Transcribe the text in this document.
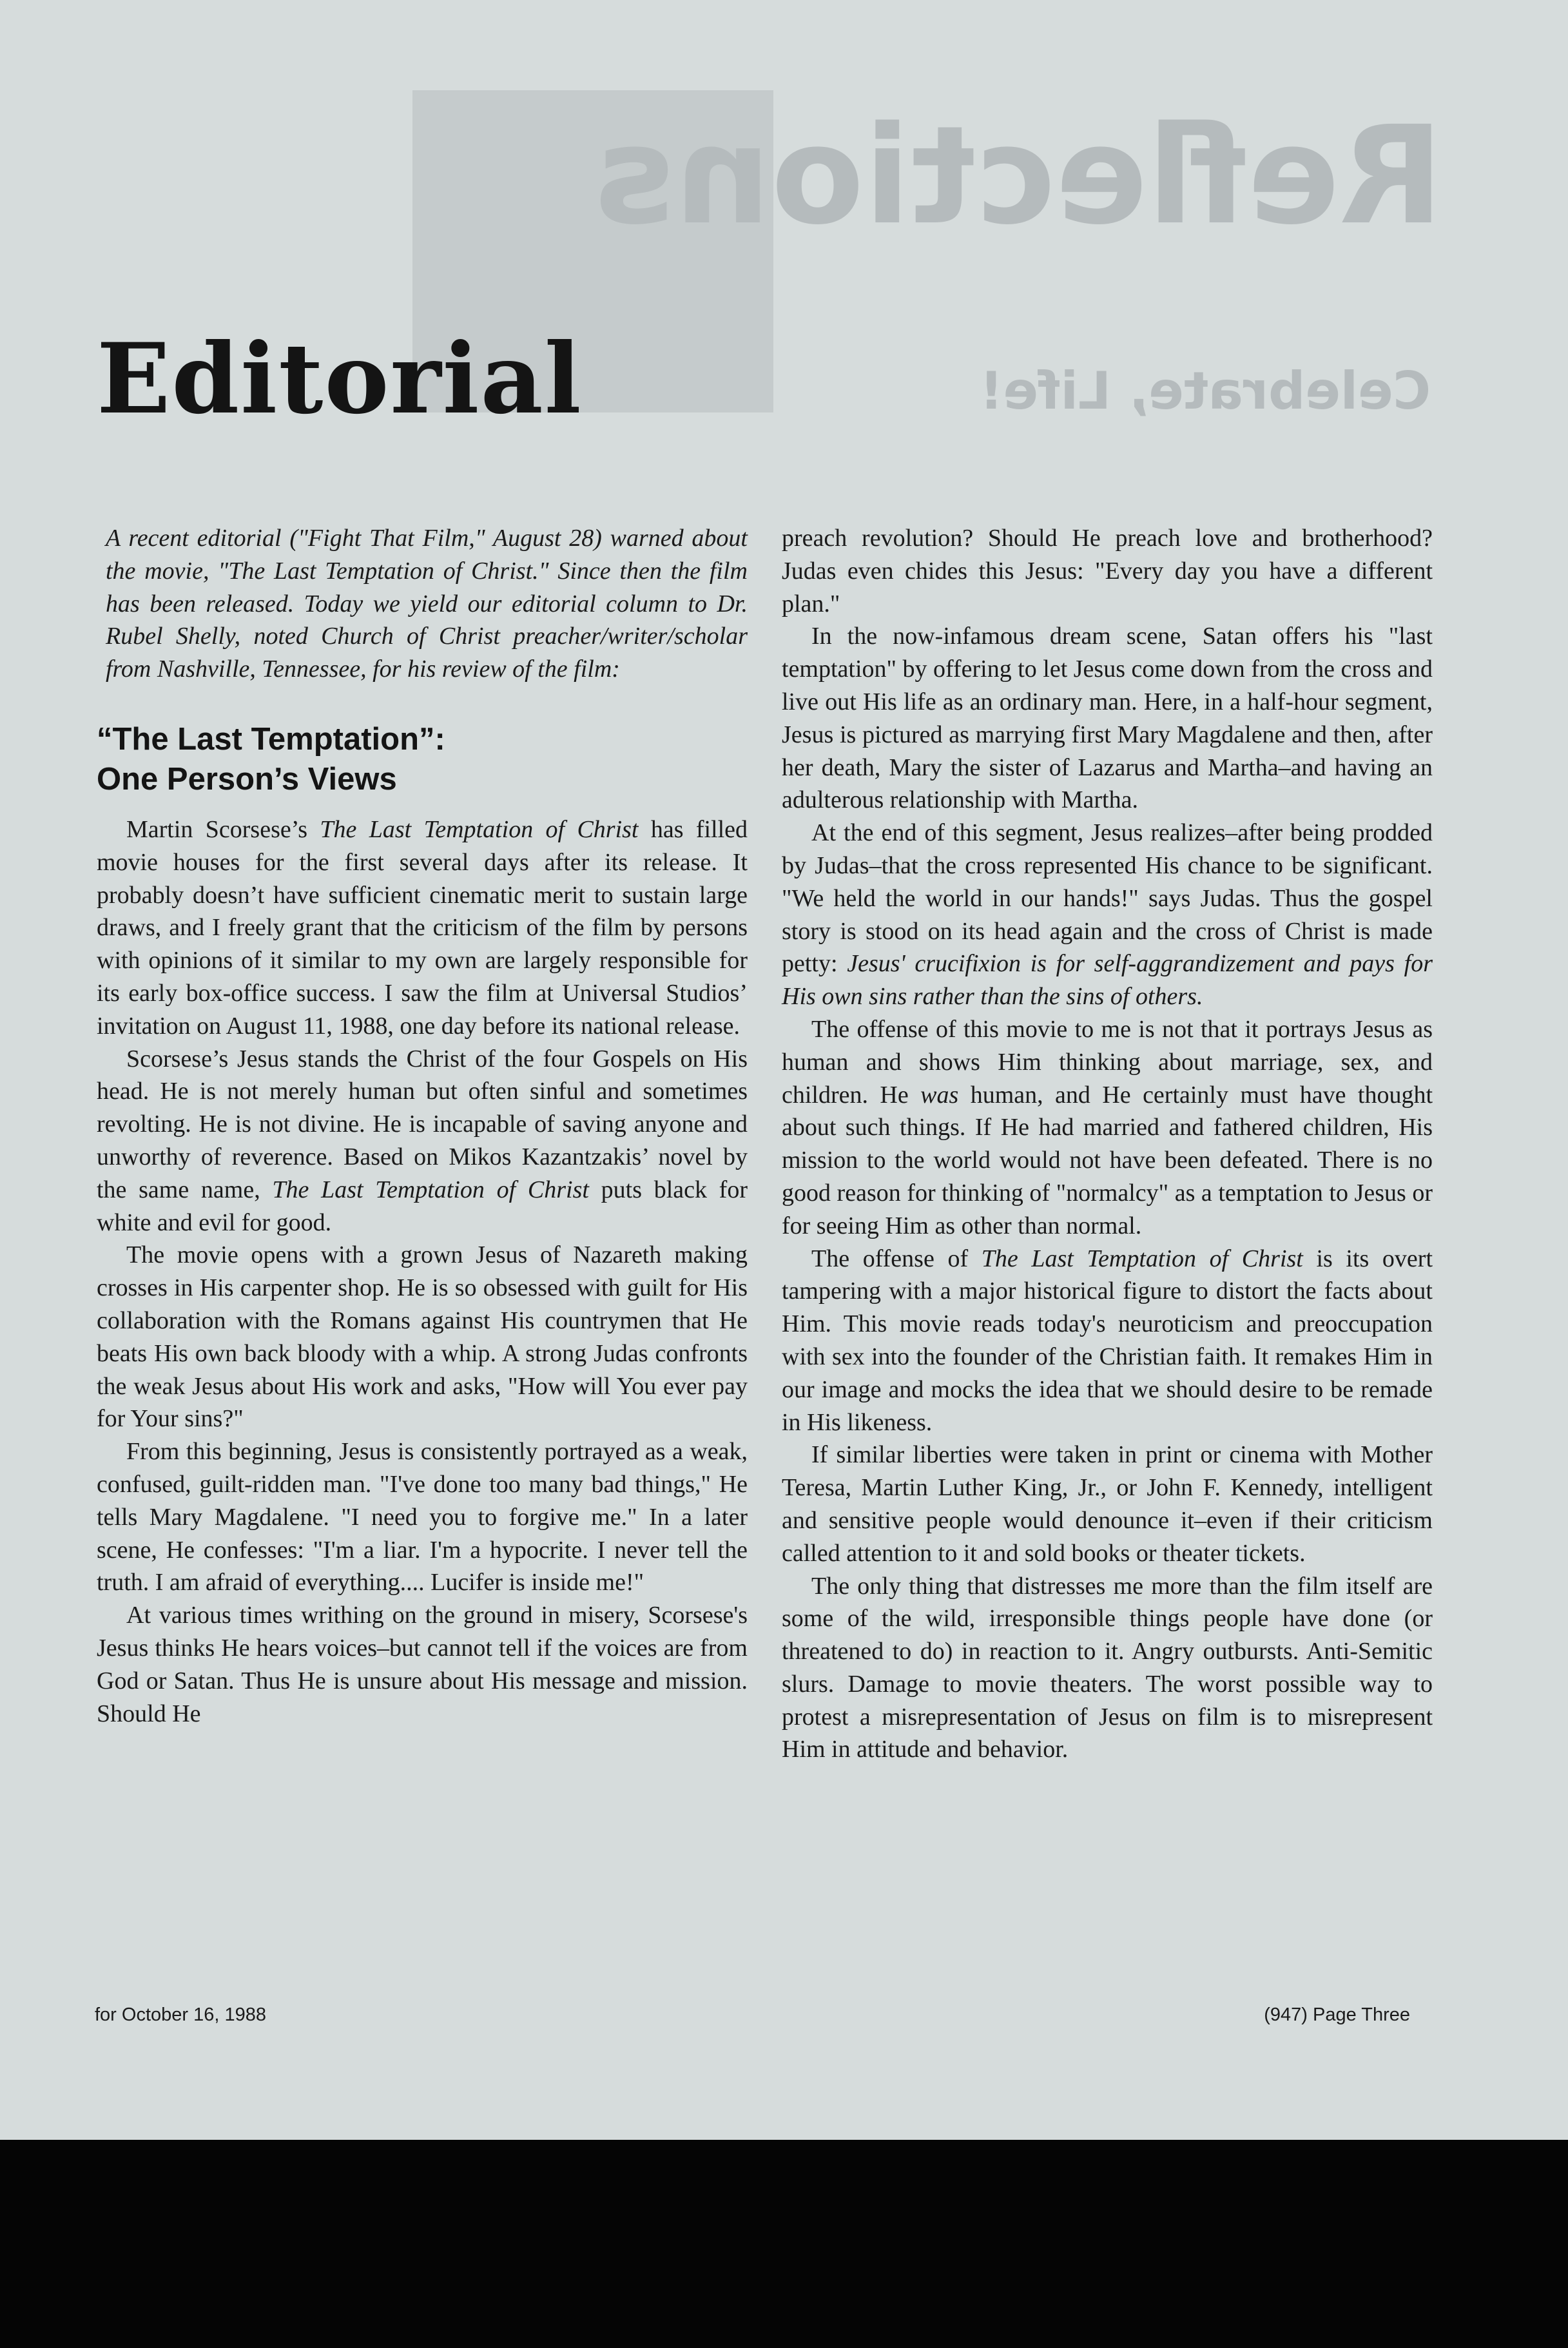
Reflections
Celebrate, Life!
Editorial

A recent editorial ("Fight That Film," August 28) warned about the movie, "The Last Temptation of Christ." Since then the film has been released. Today we yield our editorial column to Dr. Rubel Shelly, noted Church of Christ preacher/writer/scholar from Nashville, Tennessee, for his review of the film:

“The Last Temptation”:
One Person’s Views

Martin Scorsese’s The Last Temptation of Christ has filled movie houses for the first several days after its release. It probably doesn’t have sufficient cinematic merit to sustain large draws, and I freely grant that the criticism of the film by persons with opinions of it similar to my own are largely responsible for its early box-office success. I saw the film at Universal Studios’ invitation on August 11, 1988, one day before its national release.

Scorsese’s Jesus stands the Christ of the four Gospels on His head. He is not merely human but often sinful and sometimes revolting. He is not divine. He is incapable of saving anyone and unworthy of reverence. Based on Mikos Kazantzakis’ novel by the same name, The Last Temptation of Christ puts black for white and evil for good.

The movie opens with a grown Jesus of Nazareth making crosses in His carpenter shop. He is so obsessed with guilt for His collaboration with the Romans against His countrymen that He beats His own back bloody with a whip. A strong Judas confronts the weak Jesus about His work and asks, "How will You ever pay for Your sins?"

From this beginning, Jesus is consistently portrayed as a weak, confused, guilt-ridden man. "I've done too many bad things," He tells Mary Magdalene. "I need you to forgive me." In a later scene, He confesses: "I'm a liar. I'm a hypocrite. I never tell the truth. I am afraid of everything.... Lucifer is inside me!"

At various times writhing on the ground in misery, Scorsese's Jesus thinks He hears voices–but cannot tell if the voices are from God or Satan. Thus He is unsure about His message and mission. Should He

preach revolution? Should He preach love and brotherhood? Judas even chides this Jesus: "Every day you have a different plan."

In the now-infamous dream scene, Satan offers his "last temptation" by offering to let Jesus come down from the cross and live out His life as an ordinary man. Here, in a half-hour segment, Jesus is pictured as marrying first Mary Magdalene and then, after her death, Mary the sister of Lazarus and Martha–and having an adulterous relationship with Martha.

At the end of this segment, Jesus realizes–after being prodded by Judas–that the cross represented His chance to be significant. "We held the world in our hands!" says Judas. Thus the gospel story is stood on its head again and the cross of Christ is made petty: Jesus' crucifixion is for self-aggrandizement and pays for His own sins rather than the sins of others.

The offense of this movie to me is not that it portrays Jesus as human and shows Him thinking about marriage, sex, and children. He was human, and He certainly must have thought about such things. If He had married and fathered children, His mission to the world would not have been defeated. There is no good reason for thinking of "normalcy" as a temptation to Jesus or for seeing Him as other than normal.

The offense of The Last Temptation of Christ is its overt tampering with a major historical figure to distort the facts about Him. This movie reads today's neuroticism and preoccupation with sex into the founder of the Christian faith. It remakes Him in our image and mocks the idea that we should desire to be remade in His likeness.

If similar liberties were taken in print or cinema with Mother Teresa, Martin Luther King, Jr., or John F. Kennedy, intelligent and sensitive people would denounce it–even if their criticism called attention to it and sold books or theater tickets.

The only thing that distresses me more than the film itself are some of the wild, irresponsible things people have done (or threatened to do) in reaction to it. Angry outbursts. Anti-Semitic slurs. Damage to movie theaters. The worst possible way to protest a misrepresentation of Jesus on film is to misrepresent Him in attitude and behavior.

for October 16, 1988	(947) Page Three
